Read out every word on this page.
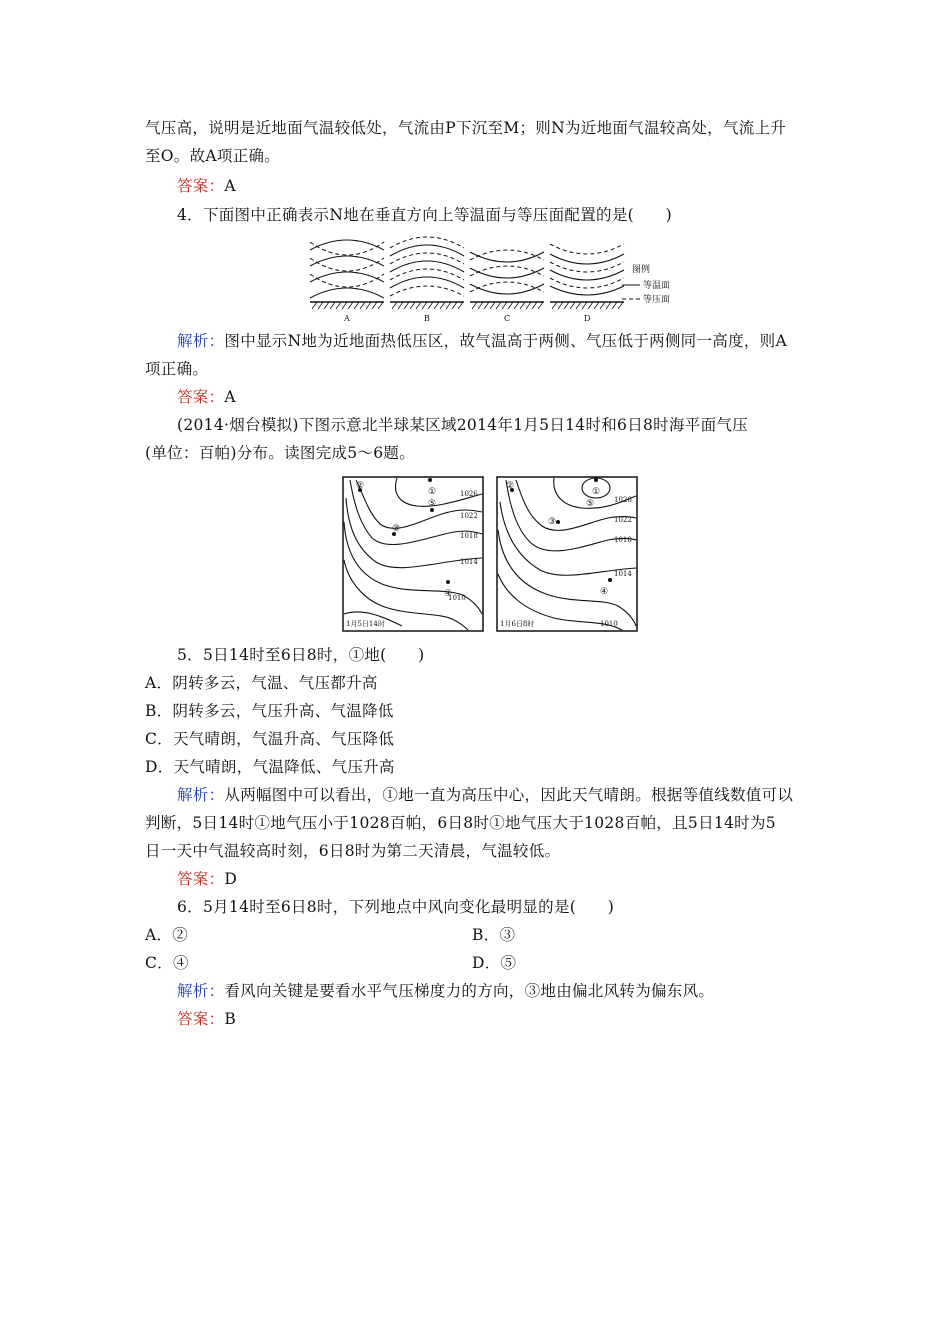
气压高，说明是近地面气温较低处，气流由P下沉至M；则N为近地面气温较高处，气流上升
至O。故A项正确。
答案：A
4．下面图中正确表示N地在垂直方向上等温面与等压面配置的是(　　)
A	B	C	D
图例
等温面
等压面
解析：图中显示N地为近地面热低压区，故气温高于两侧、气压低于两侧同一高度，则A
项正确。
答案：A
(2014·烟台模拟)下图示意北半球某区域2014年1月5日14时和6日8时海平面气压
(单位：百帕)分布。读图完成5～6题。
1026
1022
1018
1014
1010
①
②
③
④
⑤
1月5日14时
1026
1022
1018
1014
1010
①
②
③
④
⑤
1月6日8时
5．5日14时至6日8时，①地(　　)
A．阴转多云，气温、气压都升高
B．阴转多云，气压升高、气温降低
C．天气晴朗，气温升高、气压降低
D．天气晴朗，气温降低、气压升高
解析：从两幅图中可以看出，①地一直为高压中心，因此天气晴朗。根据等值线数值可以
判断，5日14时①地气压小于1028百帕，6日8时①地气压大于1028百帕，且5日14时为5
日一天中气温较高时刻，6日8时为第二天清晨，气温较低。
答案：D
6．5月14时至6日8时，下列地点中风向变化最明显的是(　　)
A．②	B．③
C．④	D．⑤
解析：看风向关键是要看水平气压梯度力的方向，③地由偏北风转为偏东风。
答案：B
